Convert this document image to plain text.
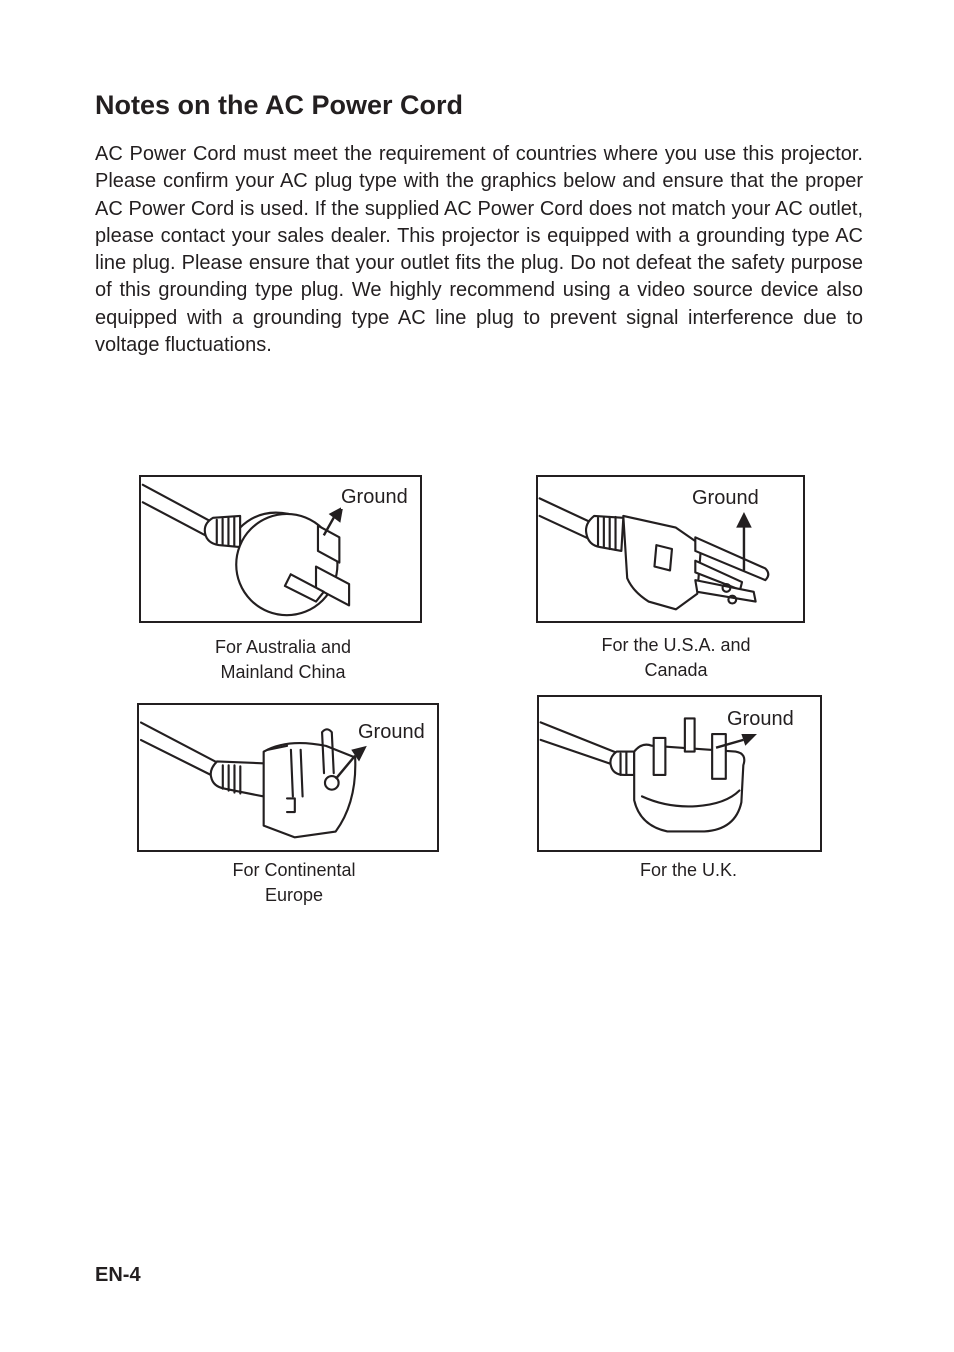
Notes on the AC Power Cord

AC Power Cord must meet the requirement of countries where you use this projector. Please confirm your AC plug type with the graphics below and ensure that the proper AC Power Cord is used. If the supplied AC Power Cord does not match your AC outlet, please contact your sales dealer. This projector is equipped with a grounding type AC line plug. Please ensure that your outlet fits the plug. Do not defeat the safety purpose of this grounding type plug. We highly recommend using a video source device also equipped with a grounding type AC line plug to prevent signal interference due to voltage fluctuations.

Ground
For Australia and
Mainland China
Ground
For the U.S.A. and
Canada
Ground
For Continental
Europe
Ground
For the U.K.
EN-4
